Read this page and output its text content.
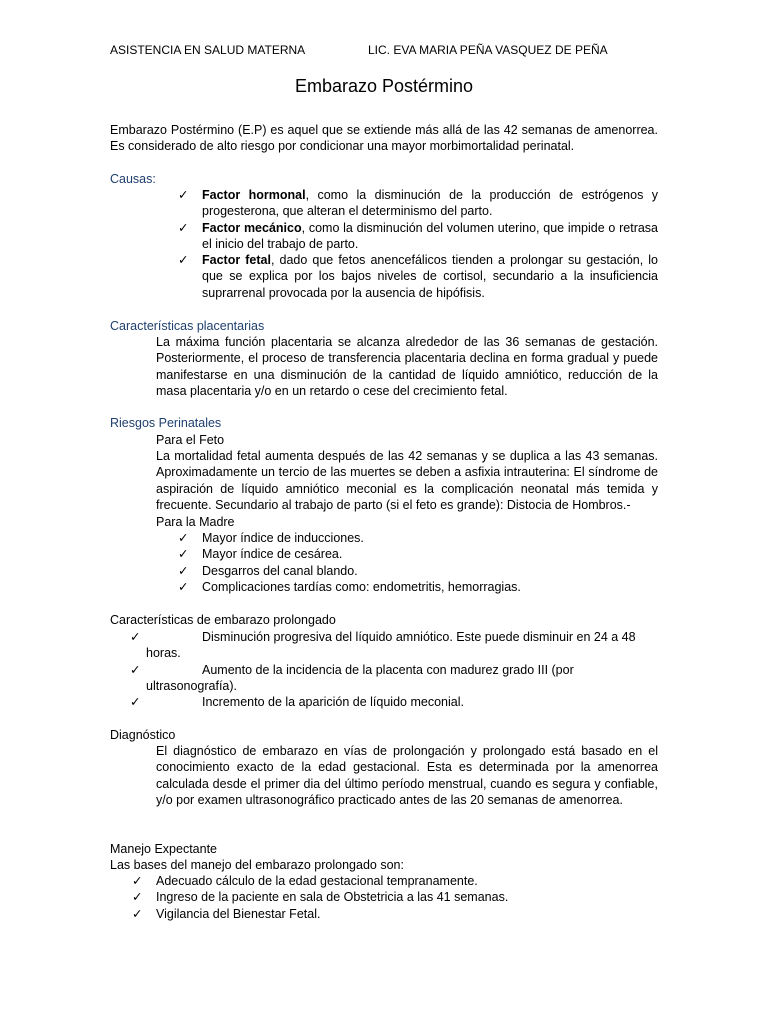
ASISTENCIA EN SALUD MATERNA	LIC. EVA MARIA PEÑA VASQUEZ DE PEÑA
Embarazo Postérmino
Embarazo Postérmino (E.P) es aquel que se extiende más allá de las 42 semanas de amenorrea. Es considerado de alto riesgo por condicionar una mayor morbimortalidad perinatal.
Causas:
✓ Factor hormonal, como la disminución de la producción de estrógenos y progesterona, que alteran el determinismo del parto.
✓ Factor mecánico, como la disminución del volumen uterino, que impide o retrasa el inicio del trabajo de parto.
✓ Factor fetal, dado que fetos anencefálicos tienden a prolongar su gestación, lo que se explica por los bajos niveles de cortisol, secundario a la insuficiencia suprarrenal provocada por la ausencia de hipófisis.
Características placentarias
La máxima función placentaria se alcanza alrededor de las 36 semanas de gestación. Posteriormente, el proceso de transferencia placentaria declina en forma gradual y puede manifestarse en una disminución de la cantidad de líquido amniótico, reducción de la masa placentaria y/o en un retardo o cese del crecimiento fetal.
Riesgos Perinatales
Para el Feto
La mortalidad fetal aumenta después de las 42 semanas y se duplica a las 43 semanas. Aproximadamente un tercio de las muertes se deben a asfixia intrauterina: El síndrome de aspiración de líquido amniótico meconial es la complicación neonatal más temida y frecuente. Secundario al trabajo de parto (si el feto es grande): Distocia de Hombros.-
Para la Madre
✓ Mayor índice de inducciones.
✓ Mayor índice de cesárea.
✓ Desgarros del canal blando.
✓ Complicaciones tardías como: endometritis, hemorragias.
Características de embarazo prolongado
✓	Disminución progresiva del líquido amniótico. Este puede disminuir en 24 a 48
horas.
✓	Aumento de la incidencia de la placenta con madurez grado III (por
ultrasonografía).
✓	Incremento de la aparición de líquido meconial.
Diagnóstico
El diagnóstico de embarazo en vías de prolongación y prolongado está basado en el conocimiento exacto de la edad gestacional. Esta es determinada por la amenorrea calculada desde el primer dia del último período menstrual, cuando es segura y confiable, y/o por examen ultrasonográfico practicado antes de las 20 semanas de amenorrea.
Manejo Expectante
Las bases del manejo del embarazo prolongado son:
✓ Adecuado cálculo de la edad gestacional tempranamente.
✓ Ingreso de la paciente en sala de Obstetricia a las 41 semanas.
✓ Vigilancia del Bienestar Fetal.
